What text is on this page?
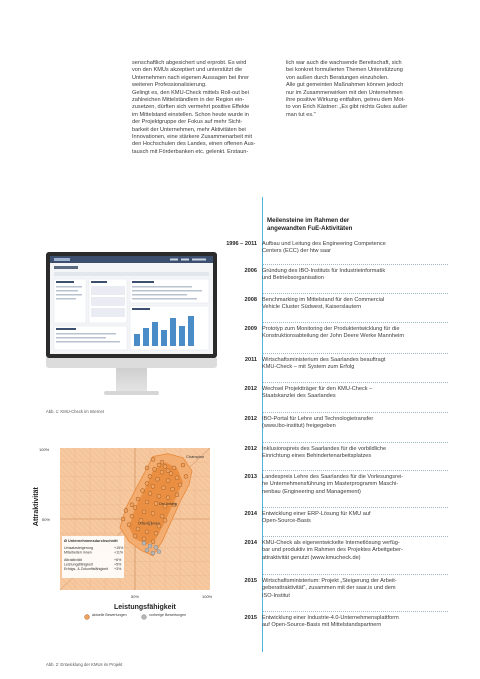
senschaftlich abgesichert und erprobt. Es wird

von den KMUs akzeptiert und unterstützt die

Unternehmen nach eigenen Aussagen bei ihrer

weiteren Professionalisierung.

Gelingt es, den KMU-Check mittels Roll-out bei

zahlreichen Mittelständlern in der Region ein-

zusetzen, dürften sich vermehrt positive Effekte

im Mittelstand einstellen. Schon heute wurde in

der Projektgruppe der Fokus auf mehr Sicht-

barkeit der Unternehmen, mehr Aktivitäten bei

Innovationen, eine stärkere Zusammenarbeit mit

den Hochschulen des Landes, einen offenen Aus-

tausch mit Förderbanken etc. gelenkt. Erstaun-

lich war auch die wachsende Bereitschaft, sich

bei konkret formulierten Themen Unterstützung

von außen durch Beratungen einzuholen.

Alle gut gemeinten Maßnahmen können jedoch

nur im Zusammenwirken mit den Unternehmen

ihre positive Wirkung entfalten, getreu dem Mot-

to von Erich Kästner: „Es gibt nichts Gutes außer

man tut es."

Meilensteine im Rahmen der
angewandten FuE-Aktivitäten
1996 – 2011 Aufbau und Leitung des Engineering Competence
Centers (ECC) der htw saar
2006 Gründung des IBO-Instituts für Industrieinformatik
und Betriebsorganisation
2008 Benchmarking im Mittelstand für den Commercial
Vehicle Cluster Südwest, Kaiserslautern
2009 Prototyp zum Monitoring der Produktentwicklung für die
Konstruktionsabteilung der John Deere Werke Mannheim
2011 Wirtschaftsministerium des Saarlandes beauftragt
KMU-Check – mit System zum Erfolg
2012 Wechsel Projektträger für den KMU-Check –
Staatskanzlei des Saarlandes
2012 IBO-Portal für Lehre und Technologietransfer
(www.ibo-institut) freigegeben
2012 Inklusionspreis des Saarlandes für die vorbildliche
Einrichtung eines Behindertenarbeitsplatzes
2013 Landespreis Lehre des Saarlandes für die Vorlesungsrei-
he Unternehmensführung im Masterprogramm Maschi-
nenbau (Engineering and Management)
2014 Entwicklung einer ERP-Lösung für KMU auf
Open-Source-Basis
2014 KMU-Check als eigenentwickelte Internetlösung verfüg-
bar und produktiv im Rahmen des Projektes Arbeitgeber-
attraktivität genutzt (www.kmucheck.de)
2015 Wirtschaftsministerium: Projekt „Steigerung der Arbeit-
geberattraktivität", zusammen mit der saar.is und dem
ISO-Institut
2015 Entwicklung einer Industrie-4.0-Unternehmensplattform
auf Open-Source-Basis mit Mittelstandspartnern
Abb. 1: KMU-Check im Internet
100%
50%
50%	100%
Champion
Der Anfang
Unternehmen
Attraktivität
Leistungsfähigkeit
Ø Unternehmensdurchschnitt
Umsatzsteigerung	+15%
Mitarbeiter/ innen	+11%
Attraktivität	+6%
Leistungsfähigkeit	+5%
Erfolgs- & Zukunftsfähigkeit +3%
aktuelle Bewertungen	vorherige Bewertungen
Abb. 2: Entwicklung der KMUs im Projekt
